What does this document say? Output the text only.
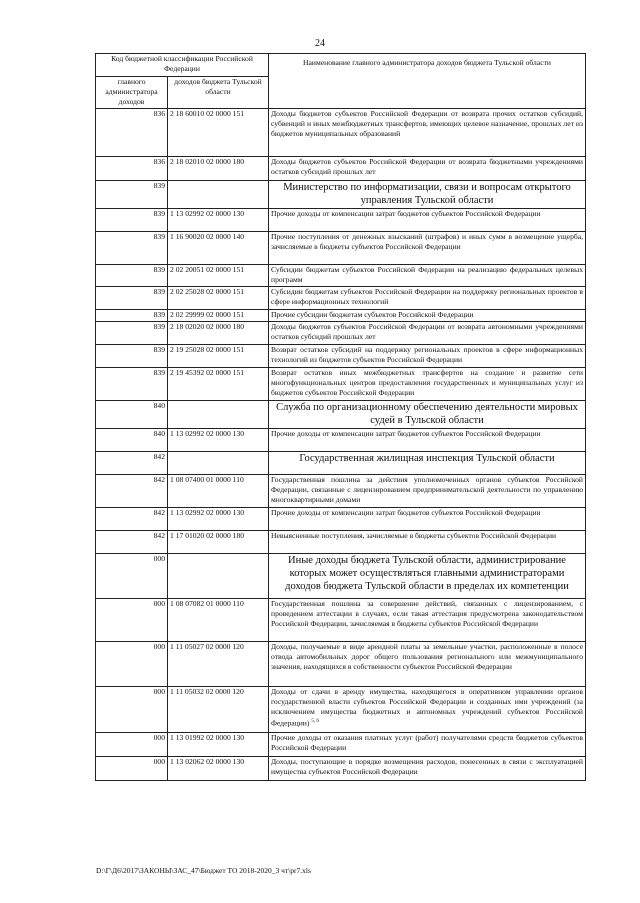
24
Код бюджетной классификации Российской Федерации		Наименование главного администратора доходов бюджета Тульской области
главного администратора доходов	доходов бюджета Тульской области	
836	2 18 60010 02 0000 151	Доходы бюджетов субъектов Российской Федерации от возврата прочих остатков субсидий, субвенций и иных межбюджетных трансфертов, имеющих целевое назначение, прошлых лет из бюджетов муниципальных образований
836	2 18 02010 02 0000 180	Доходы бюджетов субъектов Российской Федерации от возврата бюджетными учреждениями остатков субсидий прошлых лет
839		Министерство по информатизации, связи и вопросам открытого управления Тульской области
839	1 13 02992 02 0000 130	Прочие доходы от компенсации затрат бюджетов субъектов Российской Федерации
839	1 16 90020 02 0000 140	Прочие поступления от денежных взысканий (штрафов) и иных сумм в возмещение ущерба, зачисляемые в бюджеты субъектов Российской Федерации
839	2 02 20051 02 0000 151	Субсидии бюджетам субъектов Российской Федерации на реализацию федеральных целевых программ
839	2 02 25028 02 0000 151	Субсидии бюджетам субъектов Российской Федерации на поддержку региональных проектов в сфере информационных технологий
839	2 02 29999 02 0000 151	Прочие субсидии бюджетам субъектов Российской Федерации
839	2 18 02020 02 0000 180	Доходы бюджетов субъектов Российской Федерации от возврата автономными учреждениями остатков субсидий прошлых лет
839	2 19 25028 02 0000 151	Возврат остатков субсидий на поддержку региональных проектов в сфере информационных технологий из бюджетов субъектов Российской Федерации
839	2 19 45392 02 0000 151	Возврат остатков иных межбюджетных трансфертов на создание и развитие сети многофункциональных центров предоставления государственных и муниципальных услуг из бюджетов субъектов Российской Федерации
840		Служба по организационному обеспечению деятельности мировых судей в Тульской области
840	1 13 02992 02 0000 130	Прочие доходы от компенсации затрат бюджетов субъектов Российской Федерации
842		Государственная жилищная инспекция Тульской области
842	1 08 07400 01 0000 110	Государственная пошлина за действия уполномоченных органов субъектов Российской Федерации, связанные с лицензированием предпринимательской деятельности по управлению многоквартирными домами
842	1 13 02992 02 0000 130	Прочие доходы от компенсации затрат бюджетов субъектов Российской Федерации
842	1 17 01020 02 0000 180	Невыясненные поступления, зачисляемые в бюджеты субъектов Российской Федерации
000		Иные доходы бюджета Тульской области, администрирование которых может осуществляться главными администраторами доходов бюджета Тульской области в пределах их компетенции
000	1 08 07082 01 0000 110	Государственная пошлина за совершение действий, связанных с лицензированием, с проведением аттестации в случаях, если такая аттестация предусмотрена законодательством Российской Федерации, зачисляемая в бюджеты субъектов Российской Федерации
000	1 11 05027 02 0000 120	Доходы, получаемые в виде арендной платы за земельные участки, расположенные в полосе отвода автомобильных дорог общего пользования регионального или межмуниципального значения, находящихся в собственности субъектов Российской Федерации
000	1 11 05032 02 0000 120	Доходы от сдачи в аренду имущества, находящегося в оперативном управлении органов государственной власти субъектов Российской Федерации и созданных ими учреждений (за исключением имущества бюджетных и автономных учреждений субъектов Российской Федерации) $^{5, 6}$
000	1 13 01992 02 0000 130	Прочие доходы от оказания платных услуг (работ) получателями средств бюджетов субъектов Российской Федерации
000	1 13 02062 02 0000 130	Доходы, поступающие в порядке возмещения расходов, понесенных в связи с эксплуатацией имущества субъектов Российской Федерации
D:\Г\Д6\2017\ЗАКОНЫ\ЗАС_47\Бюджет ТО 2018-2020_3 чт\pr7.xls
